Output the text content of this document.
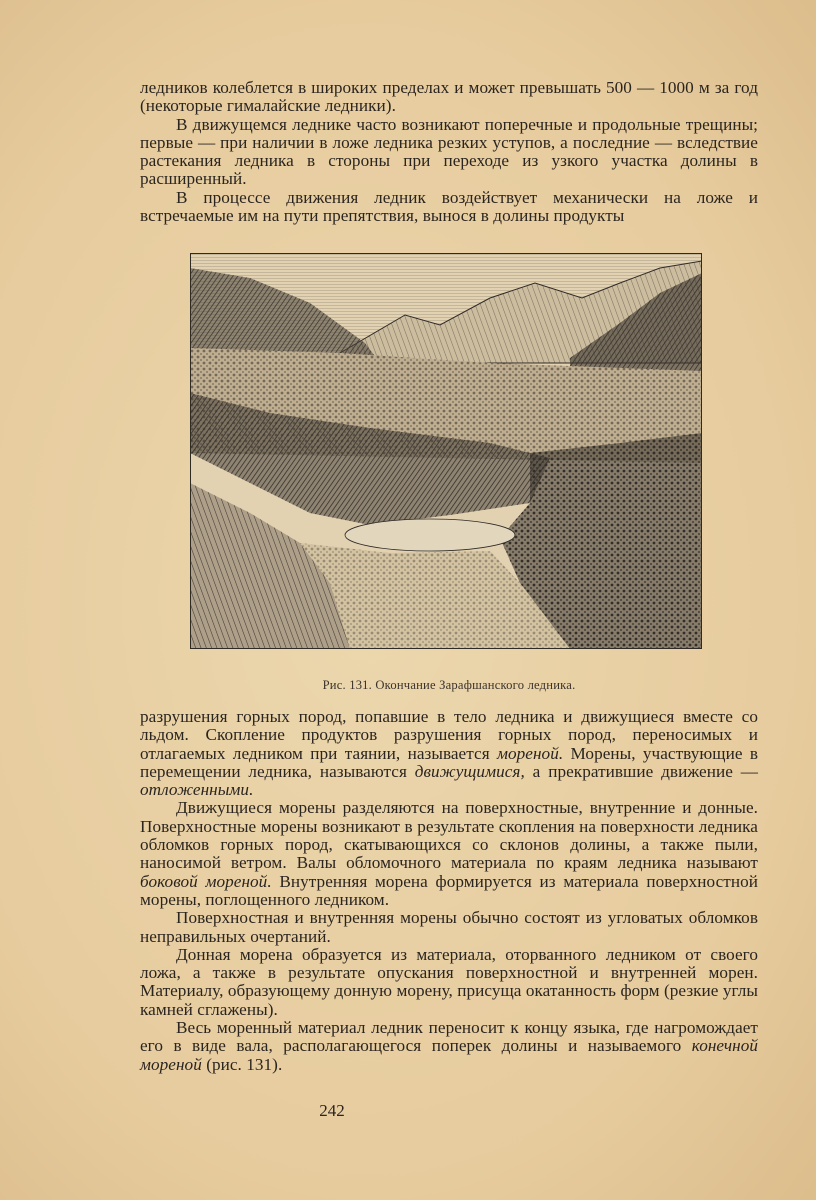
ледников колеблется в широких пределах и может превышать 500 — 1000 м за год (некоторые гималайские ледники).

В движущемся леднике часто возникают поперечные и продольные трещины; первые — при наличии в ложе ледника резких уступов, а последние — вследствие растекания ледника в стороны при переходе из узкого участка долины в расширенный.

В процессе движения ледник воздействует механически на ложе и встречаемые им на пути препятствия, вынося в долины продукты

Рис. 131. Окончание Зарафшанского ледника.

разрушения горных пород, попавшие в тело ледника и движущиеся вместе со льдом. Скопление продуктов разрушения горных пород, переносимых и отлагаемых ледником при таянии, называется мореной. Морены, участвующие в перемещении ледника, называются движущимися, а прекратившие движение — отложенными.

Движущиеся морены разделяются на поверхностные, внутренние и донные. Поверхностные морены возникают в результате скопления на поверхности ледника обломков горных пород, скатывающихся со склонов долины, а также пыли, наносимой ветром. Валы обломочного материала по краям ледника называют боковой мореной. Внутренняя морена формируется из материала поверхностной морены, поглощенного ледником.

Поверхностная и внутренняя морены обычно состоят из угловатых обломков неправильных очертаний.

Донная морена образуется из материала, оторванного ледником от своего ложа, а также в результате опускания поверхностной и внутренней морен. Материалу, образующему донную морену, присуща окатанность форм (резкие углы камней сглажены).

Весь моренный материал ледник переносит к концу языка, где нагромождает его в виде вала, располагающегося поперек долины и называемого конечной мореной (рис. 131).

242
